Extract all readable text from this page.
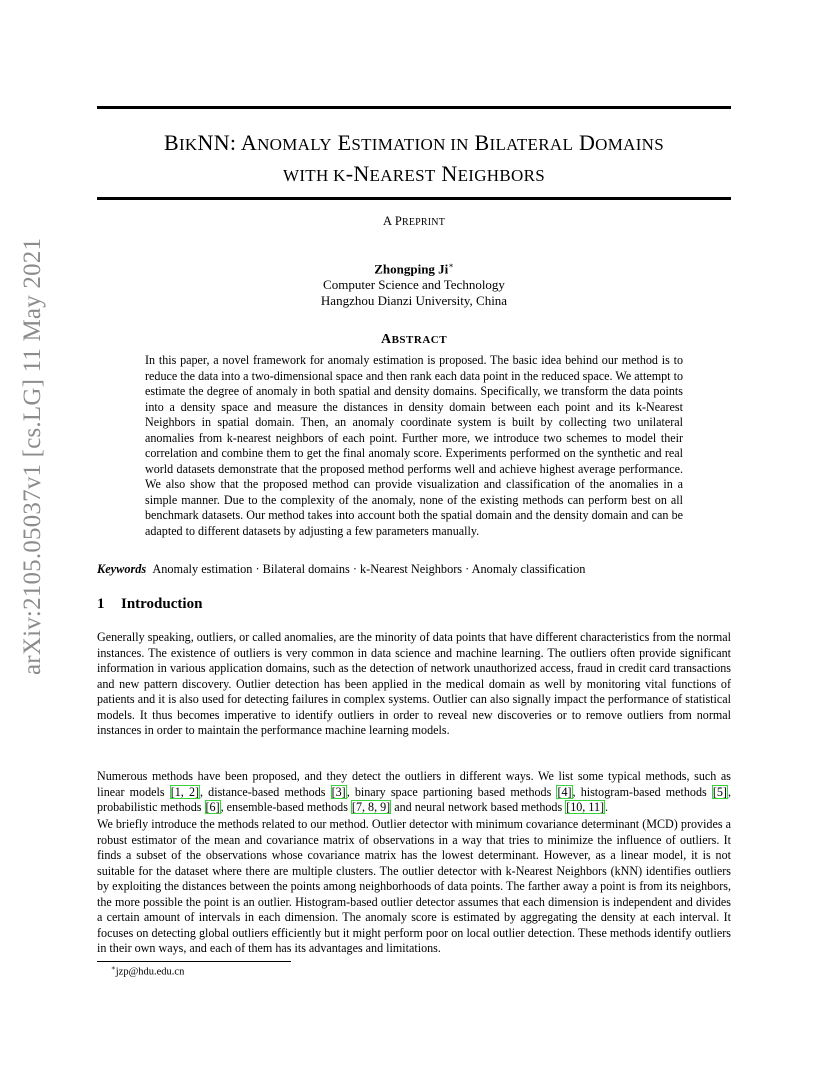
arXiv:2105.05037v1 [cs.LG] 11 May 2021
BIKNN: ANOMALY ESTIMATION IN BILATERAL DOMAINS
WITH K-NEAREST NEIGHBORS
A PREPRINT
Zhongping Ji∗
Computer Science and Technology
Hangzhou Dianzi University, China
ABSTRACT
In this paper, a novel framework for anomaly estimation is proposed. The basic idea behind our method is to reduce the data into a two-dimensional space and then rank each data point in the reduced space. We attempt to estimate the degree of anomaly in both spatial and density domains. Specifically, we transform the data points into a density space and measure the distances in density domain between each point and its k-Nearest Neighbors in spatial domain. Then, an anomaly coordinate system is built by collecting two unilateral anomalies from k-nearest neighbors of each point. Further more, we introduce two schemes to model their correlation and combine them to get the final anomaly score. Experiments performed on the synthetic and real world datasets demonstrate that the proposed method performs well and achieve highest average performance. We also show that the proposed method can provide visualization and classification of the anomalies in a simple manner. Due to the complexity of the anomaly, none of the existing methods can perform best on all benchmark datasets. Our method takes into account both the spatial domain and the density domain and can be adapted to different datasets by adjusting a few parameters manually.
Keywords Anomaly estimation · Bilateral domains · k-Nearest Neighbors · Anomaly classification
1 Introduction
Generally speaking, outliers, or called anomalies, are the minority of data points that have different characteristics from the normal instances. The existence of outliers is very common in data science and machine learning. The outliers often provide significant information in various application domains, such as the detection of network unauthorized access, fraud in credit card transactions and new pattern discovery. Outlier detection has been applied in the medical domain as well by monitoring vital functions of patients and it is also used for detecting failures in complex systems. Outlier can also signally impact the performance of statistical models. It thus becomes imperative to identify outliers in order to reveal new discoveries or to remove outliers from normal instances in order to maintain the performance machine learning models.
Numerous methods have been proposed, and they detect the outliers in different ways. We list some typical methods, such as linear models [1, 2], distance-based methods [3], binary space partioning based methods [4], histogram-based methods [5], probabilistic methods [6], ensemble-based methods [7, 8, 9] and neural network based methods [10, 11].
We briefly introduce the methods related to our method. Outlier detector with minimum covariance determinant (MCD) provides a robust estimator of the mean and covariance matrix of observations in a way that tries to minimize the influence of outliers. It finds a subset of the observations whose covariance matrix has the lowest determinant. However, as a linear model, it is not suitable for the dataset where there are multiple clusters. The outlier detector with k-Nearest Neighbors (kNN) identifies outliers by exploiting the distances between the points among neighborhoods of data points. The farther away a point is from its neighbors, the more possible the point is an outlier. Histogram-based outlier detector assumes that each dimension is independent and divides a certain amount of intervals in each dimension. The anomaly score is estimated by aggregating the density at each interval. It focuses on detecting global outliers efficiently but it might perform poor on local outlier detection. These methods identify outliers in their own ways, and each of them has its advantages and limitations.
∗jzp@hdu.edu.cn
